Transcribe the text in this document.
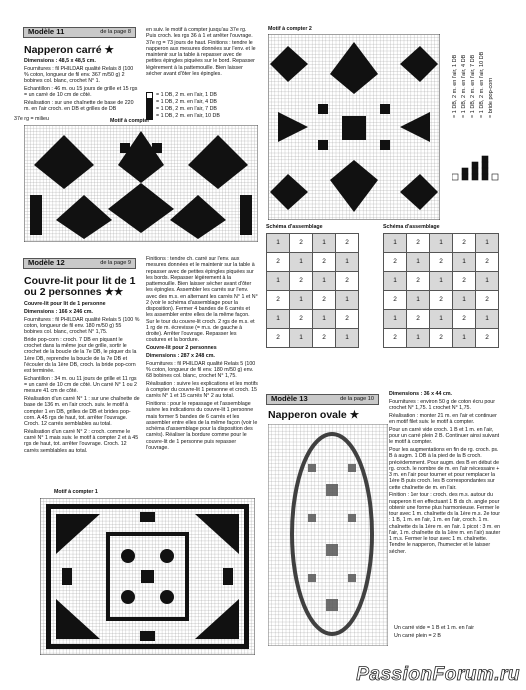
Modèle 11	de la page 8
Napperon carré ★

Dimensions : 48,5 x 48,5 cm.

Fournitures : fil PHILDAR qualité Relais 8 (100 % coton, longueur de fil env. 367 m/50 g) 2 bobines col. blanc, crochet N° 1.

Echantillon : 46 m. ou 15 jours de grille et 15 rgs = un carré de 10 cm de côté.

Réalisation : sur une chaînette de base de 220 m. en l'air croch. en DB et grilles de DB

en suiv. le motif à compter jusqu'au 37e rg. Puis croch. les rgs 36 à 1 et arrêter l'ouvrage. 37e rg = 73 jours de haut. Finitions : tendre le napperon aux mesures données sur l'env. et le maintenir sur la table à repasser avec de petites épingles piquées sur le bord. Repasser légèrement à la pattemouille. Bien laisser sécher avant d'ôter les épingles.

= 1 DB, 2 m. en l'air, 1 DB
= 1 DB, 2 m. en l'air, 4 DB
= 1 DB, 2 m. en l'air, 7 DB
= 1 DB, 2 m. en l'air, 10 DB
37e rg = milieu	Motif à compter
Motif à compter 2
= 1 DB, 2 m. en l'air, 1 DB = 1 DB, 2 m. en l'air, 4 DB = 1 DB, 2 m. en l'air, 7 DB = 1 DB, 2 m. en l'air, 10 DB = bride pop-corn
Schéma d'assemblage
1	2	1	2
2	1	2	1
1	2	1	2
2	1	2	1
1	2	1	2
2	1	2	1
Schéma d'assemblage
1	2	1	2	1
2	1	2	1	2
1	2	1	2	1
2	1	2	1	2
1	2	1	2	1
2	1	2	1	2
Modèle 12	de la page 9
Couvre-lit pour lit de 1 ou 2 personnes ★★

Couvre-lit pour lit de 1 personne

Dimensions : 166 x 246 cm.

Fournitures : fil PHILDAR qualité Relais 5 (100 % coton, longueur de fil env. 180 m/50 g) 55 bobines col. blanc, crochet N° 1,75.

Bride pop-corn : croch. 7 DB en piquant le crochet dans la même jour de grille, sortir le crochet de la boucle de la 7e DB, le piquer ds la 1ère DB, reprendre la boucle de la 7e DB et l'écouler ds la 1ère DB, croch. la bride pop-corn est terminée.

Echantillon : 34 m. ou 11 jours de grille et 11 rgs = un carré de 10 cm de côté. Un carré N° 1 ou 2 mesure 41 cm de côté.

Réalisation d'un carré N° 1 : sur une chaînette de base de 136 m. en l'air croch. suiv. le motif à compter 1 en DB, grilles de DB et brides pop-corn. A 45 rgs de haut, tot. arrêter l'ouvrage. Croch. 12 carrés semblables au total.

Réalisation d'un carré N° 2 : croch. comme le carré N° 1 mais suiv. le motif à compter 2 et à 45 rgs de haut, tot. arrêter l'ouvrage. Croch. 12 carrés semblables au total.

Finitions : tendre ch. carré sur l'env. aux mesures données et le maintenir sur la table à repasser avec de petites épingles piquées sur les bords. Repasser légèrement à la pattemouille. Bien laisser sécher avant d'ôter les épingles. Assembler les carrés sur l'env. avec des m.s. en alternant les carrés N° 1 et N° 2 (voir le schéma d'assemblage pour la disposition). Fermer 4 bandes de 6 carrés et les assembler entre elles de la même façon. Sur le tour du couvre-lit croch. 2 rgs de m.s. et 1 rg de m. écrevisse (= m.s. de gauche à droite). Arrêter l'ouvrage. Repasser les coutures et la bordure.

Couvre-lit pour 2 personnes

Dimensions : 287 x 248 cm.

Fournitures : fil PHILDAR qualité Relais 5 (100 % coton, longueur de fil env. 180 m/50 g) env. 68 bobines col. blanc, crochet N° 1,75.

Réalisation : suivre les explications et les motifs à compter du couvre-lit 1 personne et croch. 15 carrés N° 1 et 15 carrés N° 2 au total.

Finitions : pour le repassage et l'assemblage suivre les indications du couvre-lit 1 personne mais former 5 bandes de 6 carrés et les assembler entre elles de la même façon (voir le schéma d'assemblage pour la disposition des carrés). Réaliser la bordure comme pour le couvre-lit de 1 personne puis repasser l'ouvrage.

Motif à compter 1
Modèle 13	de la page 10
Napperon ovale ★

Dimensions : 36 x 44 cm.

Fournitures : environ 50 g de coton écru pour crochet N° 1,75. 1 crochet N° 1,75.

Réalisation : monter 21 m. en l'air et continuer en motif filet suiv. le motif à compter.

Pour un carré vide croch. 1 B et 1 m. en l'air, pour un carré plein 2 B. Continuer ainsi suivant le motif à compter.

Pour les augmentations en fin de rg. croch. ps. B à augm. 1 DB à la pied de la B croch. précédemment. Pour augm. des B en début de rg. croch. le nombre de m. en l'air nécessaire + 3 m. en l'air pour tourner et pour remplacer la 1ère B puis croch. les B correspondantes sur cette chaînette de m. en l'air.

Finition : 1er tour : croch. des m.s. autour du napperon tt en effectuant 1 B ds ch. angle pour obtenir une forme plus harmonieuse. Fermer le tour avec 1 m. chaînette ds la 1ère m.s. 2e tour : 1 B, 1 m. en l'air, 1 m. en l'air, croch. 1 m. chaînette ds la 1ère m. en l'air. 1 picot : 3 m. en l'air, 1 m. chaînette ds la 1ère m. en l'air) sauter 1 m.s. Fermer le tour avec 1 m. chaînette. Tendre le napperon, l'humecter et le laisser sécher.

Un carré vide = 1 B et 1 m. en l'air

Un carré plein = 2 B

PassionForum.ru
